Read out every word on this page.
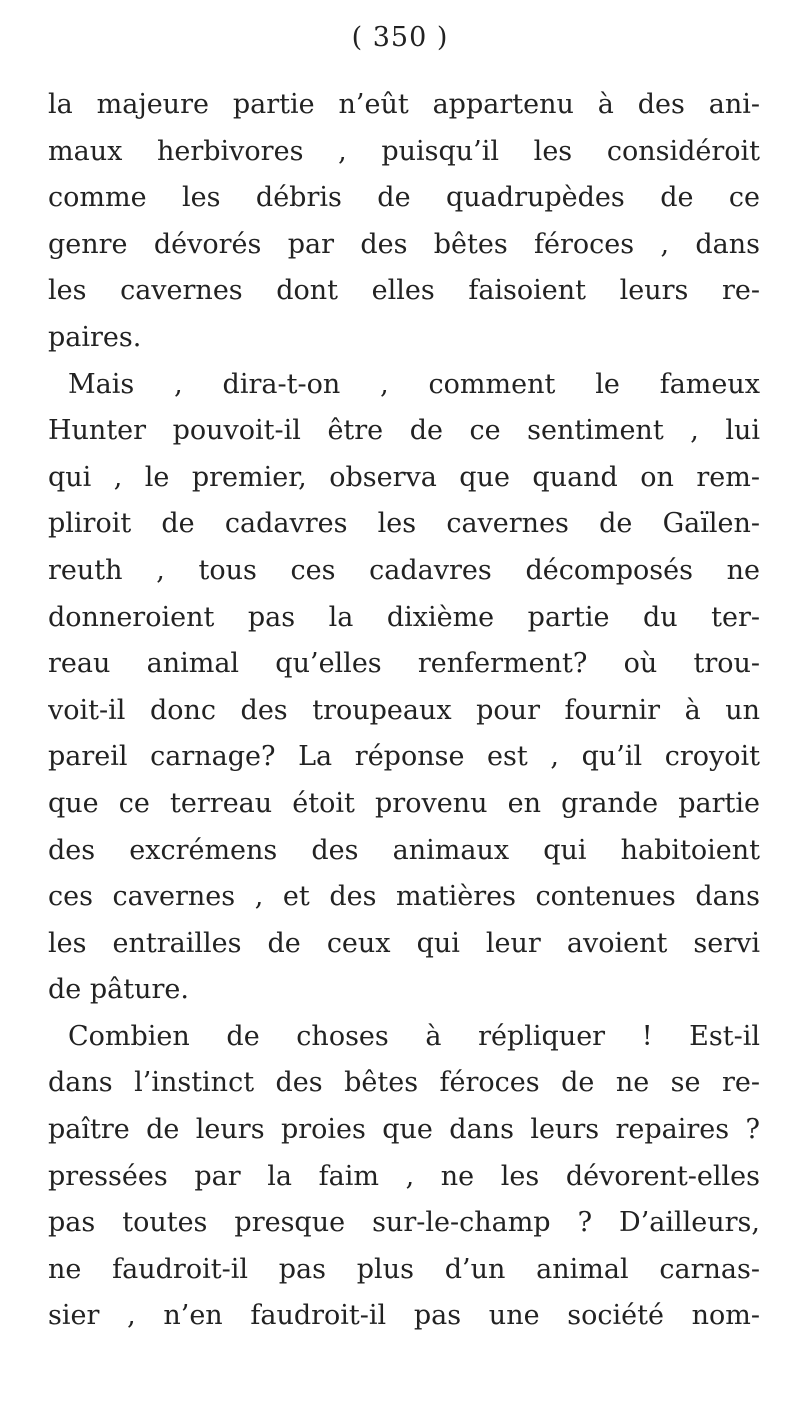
( 350 )
la majeure partie n’eût appartenu à des ani-
maux herbivores , puisqu’il les considéroit
comme les débris de quadrupèdes de ce
genre dévorés par des bêtes féroces , dans
les cavernes dont elles faisoient leurs re-
paires.
Mais , dira-t-on , comment le fameux
Hunter pouvoit-il être de ce sentiment , lui
qui , le premier, observa que quand on rem-
pliroit de cadavres les cavernes de Gaïlen-
reuth , tous ces cadavres décomposés ne
donneroient pas la dixième partie du ter-
reau animal qu’elles renferment? où trou-
voit-il donc des troupeaux pour fournir à un
pareil carnage? La réponse est , qu’il croyoit
que ce terreau étoit provenu en grande partie
des excrémens des animaux qui habitoient
ces cavernes , et des matières contenues dans
les entrailles de ceux qui leur avoient servi
de pâture.
Combien de choses à répliquer ! Est-il
dans l’instinct des bêtes féroces de ne se re-
paître de leurs proies que dans leurs repaires ?
pressées par la faim , ne les dévorent-elles
pas toutes presque sur-le-champ ? D’ailleurs,
ne faudroit-il pas plus d’un animal carnas-
sier , n’en faudroit-il pas une société nom-
